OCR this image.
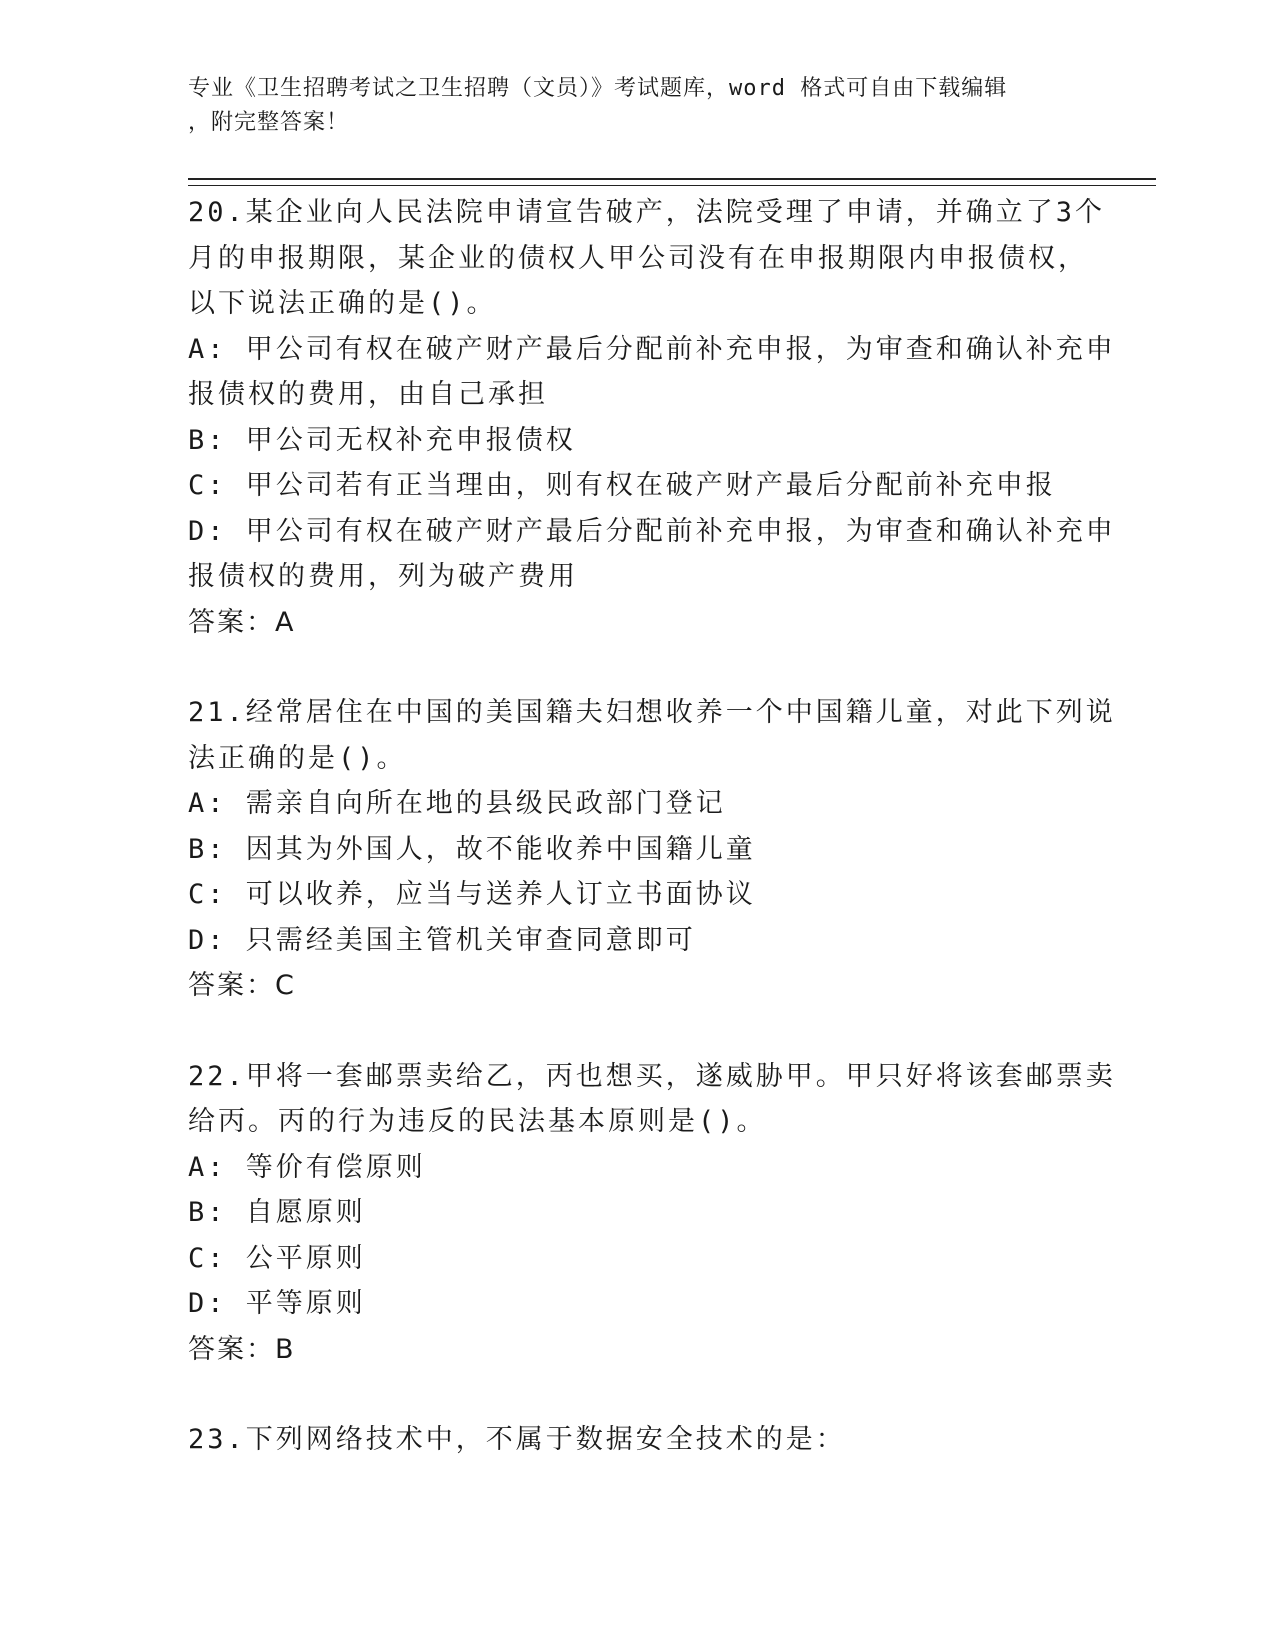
专业《卫生招聘考试之卫生招聘（文员）》考试题库，word 格式可自由下载编辑
，附完整答案！
20.某企业向人民法院申请宣告破产，法院受理了申请，并确立了3个
月的申报期限，某企业的债权人甲公司没有在申报期限内申报债权，
以下说法正确的是()。
A: 甲公司有权在破产财产最后分配前补充申报，为审查和确认补充申
报债权的费用，由自己承担
B: 甲公司无权补充申报债权
C: 甲公司若有正当理由，则有权在破产财产最后分配前补充申报
D: 甲公司有权在破产财产最后分配前补充申报，为审查和确认补充申
报债权的费用，列为破产费用
答案：A
21.经常居住在中国的美国籍夫妇想收养一个中国籍儿童，对此下列说
法正确的是()。
A: 需亲自向所在地的县级民政部门登记
B: 因其为外国人，故不能收养中国籍儿童
C: 可以收养，应当与送养人订立书面协议
D: 只需经美国主管机关审查同意即可
答案：C
22.甲将一套邮票卖给乙，丙也想买，遂威胁甲。甲只好将该套邮票卖
给丙。丙的行为违反的民法基本原则是()。
A: 等价有偿原则
B: 自愿原则
C: 公平原则
D: 平等原则
答案：B
23.下列网络技术中，不属于数据安全技术的是：
